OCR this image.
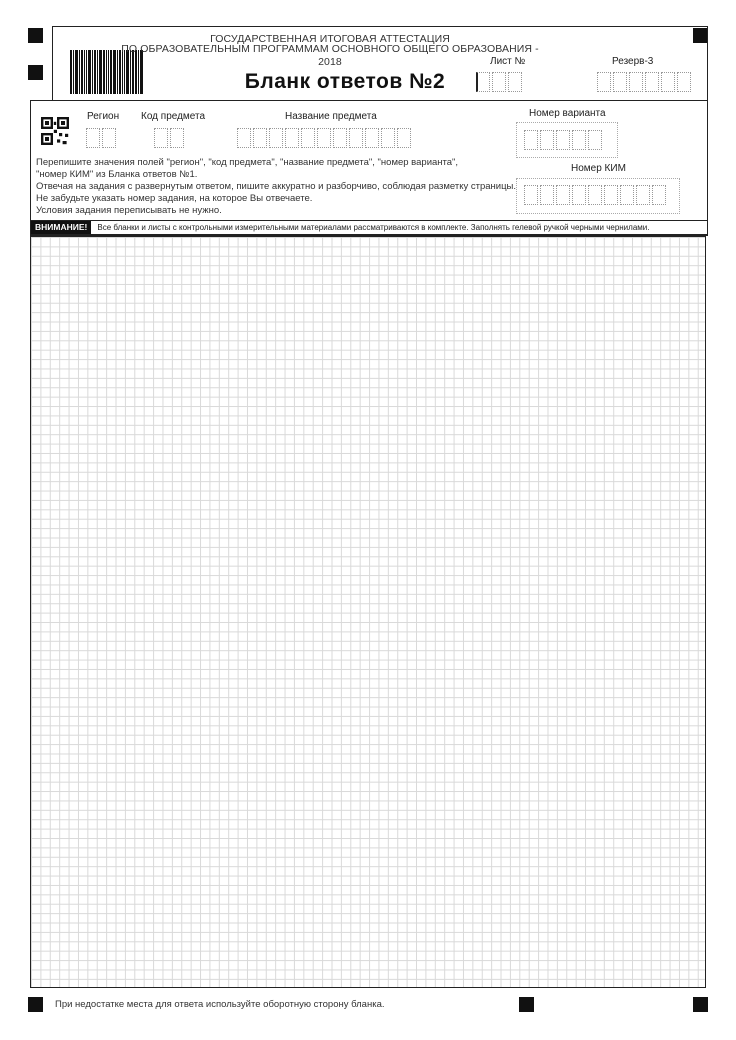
ГОСУДАРСТВЕННАЯ ИТОГОВАЯ АТТЕСТАЦИЯ
ПО ОБРАЗОВАТЕЛЬНЫМ ПРОГРАММАМ ОСНОВНОГО ОБЩЕГО ОБРАЗОВАНИЯ - 2018
Бланк ответов №2
Лист №	Резерв-3
Регион Код предмета	Название предмета	Номер варианта
Номер КИМ
Перепишите значения полей "регион", "код предмета", "название предмета", "номер варианта",
"номер КИМ" из Бланка ответов №1.
Отвечая на задания с развернутым ответом, пишите аккуратно и разборчиво, соблюдая разметку страницы.
Не забудьте указать номер задания, на которое Вы отвечаете.
Условия задания переписывать не нужно.
ВНИМАНИЕ!	Все бланки и листы с контрольными измерительными материалами рассматриваются в комплекте. Заполнять гелевой ручкой черными чернилами.
При недостатке места для ответа используйте оборотную сторону бланка.
